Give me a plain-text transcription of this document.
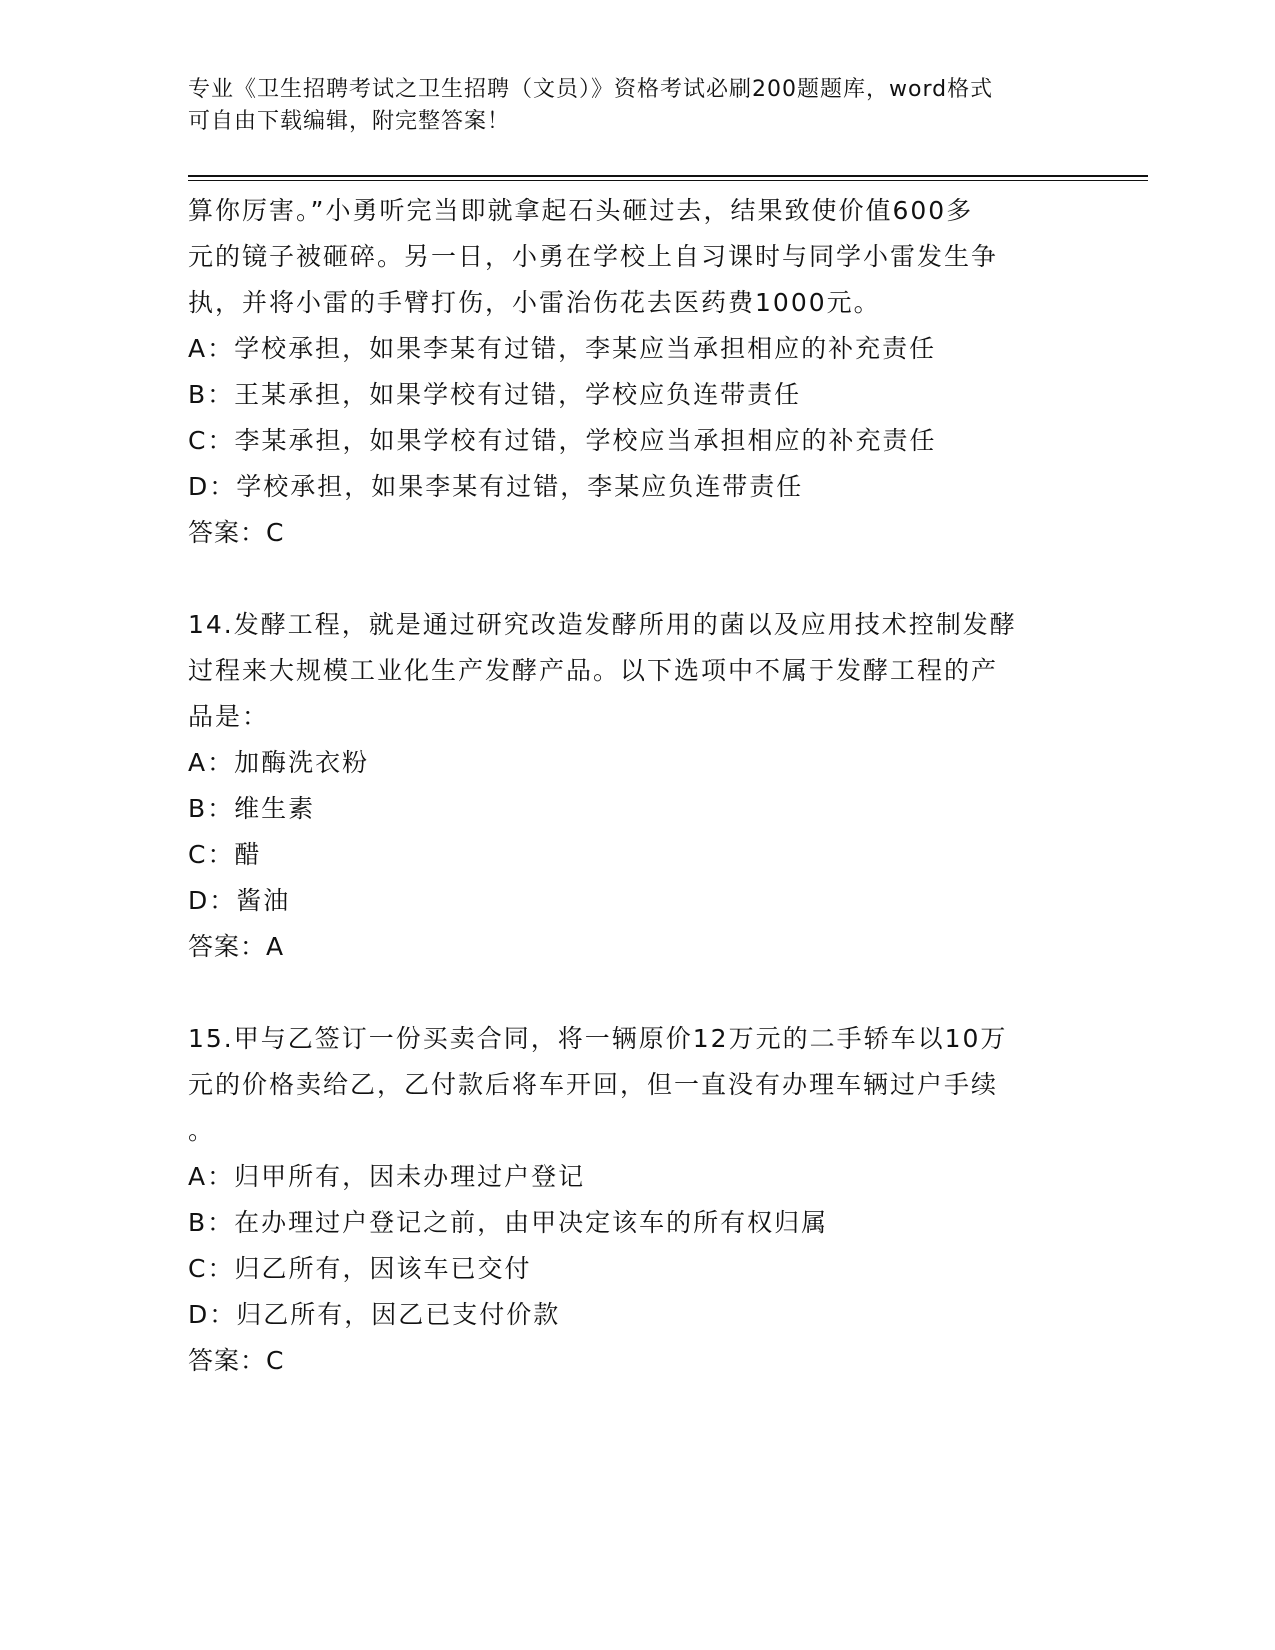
专业《卫生招聘考试之卫生招聘（文员）》资格考试必刷200题题库，word格式
可自由下载编辑，附完整答案！
算你厉害。”小勇听完当即就拿起石头砸过去，结果致使价值600多
元的镜子被砸碎。另一日，小勇在学校上自习课时与同学小雷发生争
执，并将小雷的手臂打伤，小雷治伤花去医药费1000元。
A：学校承担，如果李某有过错，李某应当承担相应的补充责任
B：王某承担，如果学校有过错，学校应负连带责任
C：李某承担，如果学校有过错，学校应当承担相应的补充责任
D：学校承担，如果李某有过错，李某应负连带责任
答案：C
14.发酵工程，就是通过研究改造发酵所用的菌以及应用技术控制发酵
过程来大规模工业化生产发酵产品。以下选项中不属于发酵工程的产
品是：
A：加酶洗衣粉
B：维生素
C：醋
D：酱油
答案：A
15.甲与乙签订一份买卖合同，将一辆原价12万元的二手轿车以10万
元的价格卖给乙，乙付款后将车开回，但一直没有办理车辆过户手续
。
A：归甲所有，因未办理过户登记
B：在办理过户登记之前，由甲决定该车的所有权归属
C：归乙所有，因该车已交付
D：归乙所有，因乙已支付价款
答案：C
